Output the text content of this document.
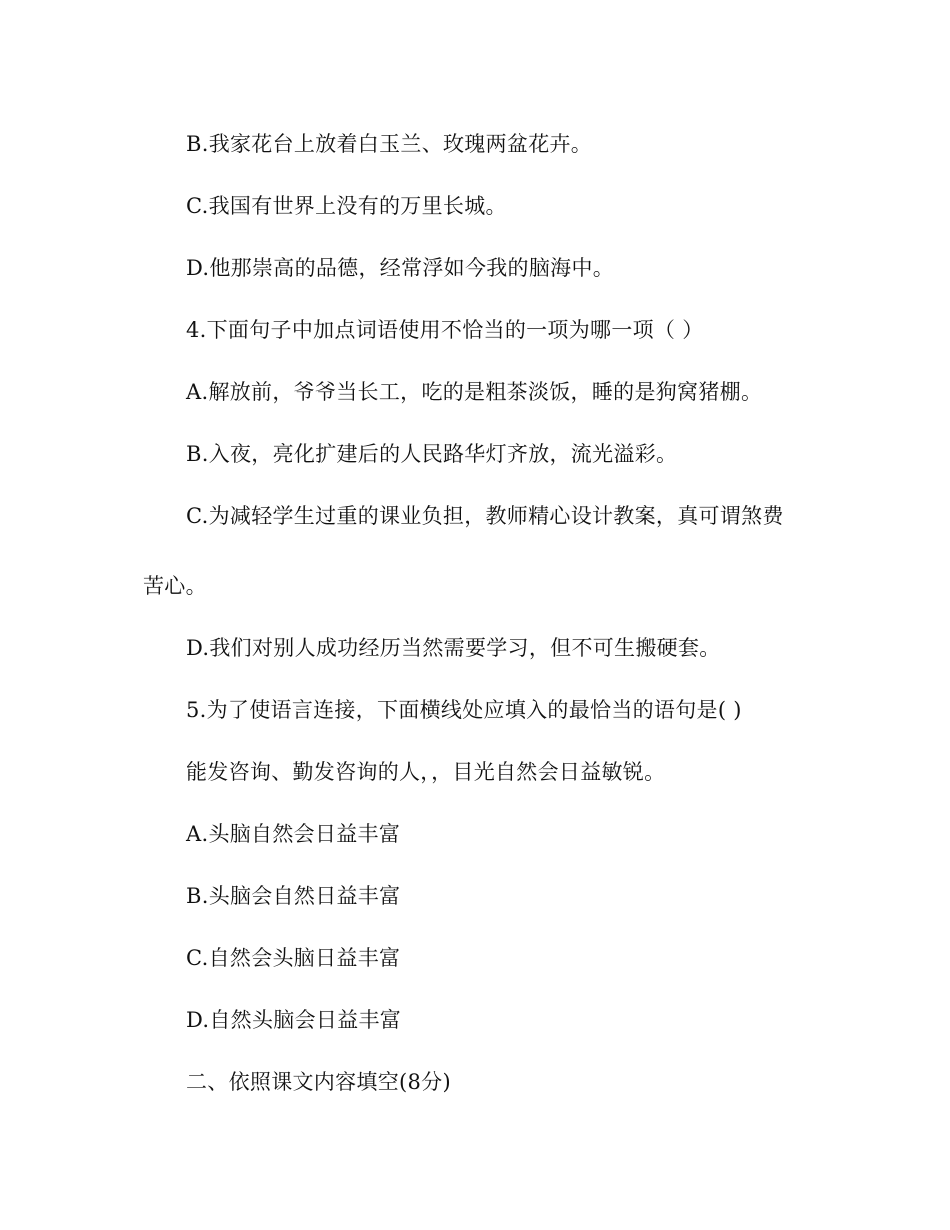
B.我家花台上放着白玉兰、玫瑰两盆花卉。
C.我国有世界上没有的万里长城。
D.他那崇高的品德，经常浮如今我的脑海中。
4.下面句子中加点词语使用不恰当的一项为哪一项（ ）
A.解放前，爷爷当长工，吃的是粗茶淡饭，睡的是狗窝猪棚。
B.入夜，亮化扩建后的人民路华灯齐放，流光溢彩。
C.为减轻学生过重的课业负担，教师精心设计教案，真可谓煞费
苦心。
D.我们对别人成功经历当然需要学习，但不可生搬硬套。
5.为了使语言连接，下面横线处应填入的最恰当的语句是( )
能发咨询、勤发咨询的人，，目光自然会日益敏锐。
A.头脑自然会日益丰富
B.头脑会自然日益丰富
C.自然会头脑日益丰富
D.自然头脑会日益丰富
二、依照课文内容填空(8分)
